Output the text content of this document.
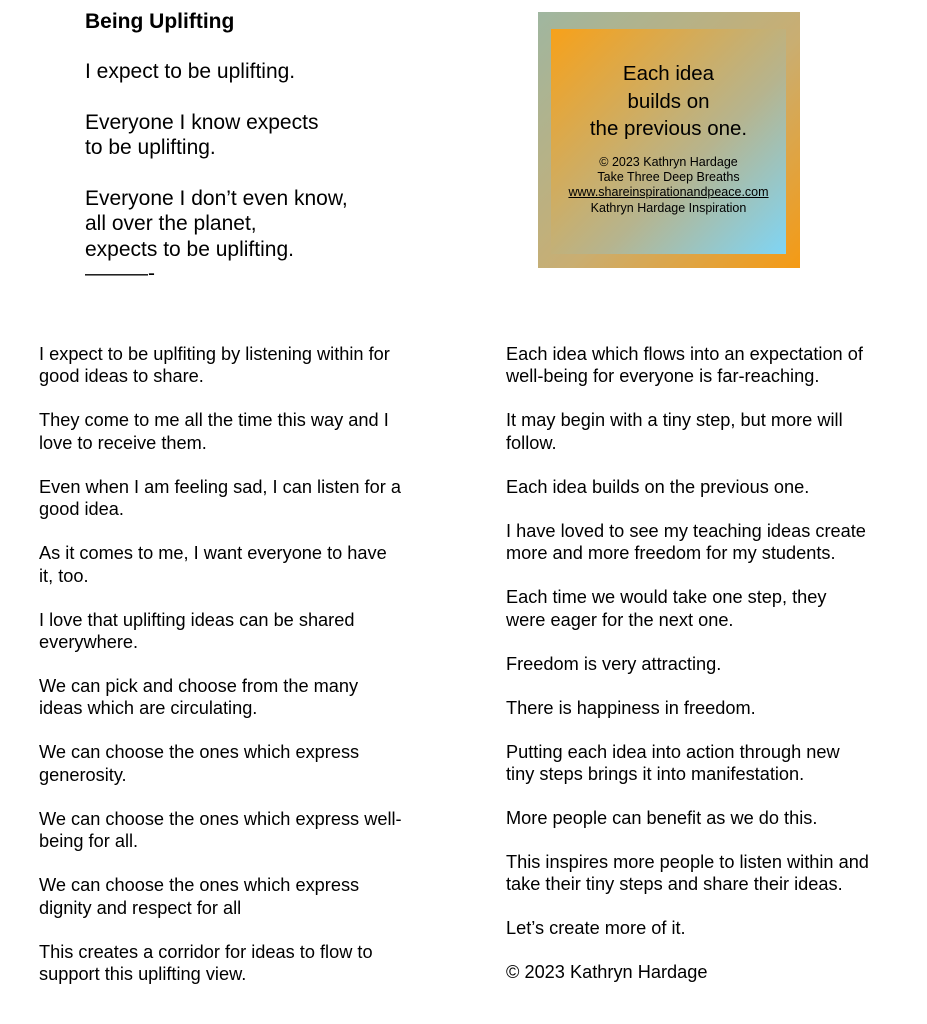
Being Uplifting
I expect to be uplifting.
Everyone I know expects
to be uplifting.
Everyone I don’t even know,
all over the planet,
expects to be uplifting.
———-
Each idea
builds on
the previous one.
© 2023 Kathryn Hardage
Take Three Deep Breaths
www.shareinspirationandpeace.com
Kathryn Hardage Inspiration
I expect to be uplfiting by listening within for
good ideas to share.
They come to me all the time this way and I
love to receive them.
Even when I am feeling sad, I can listen for a
good idea.
As it comes to me, I want everyone to have
it, too.
I love that uplifting ideas can be shared
everywhere.
We can pick and choose from the many
ideas which are circulating.
We can choose the ones which express
generosity.
We can choose the ones which express well-
being for all.
We can choose the ones which express
dignity and respect for all
This creates a corridor for ideas to flow to
support this uplifting view.
Each idea which flows into an expectation of
well-being for everyone is far-reaching.
It may begin with a tiny step, but more will
follow.
Each idea builds on the previous one.
I have loved to see my teaching ideas create
more and more freedom for my students.
Each time we would take one step, they
were eager for the next one.
Freedom is very attracting.
There is happiness in freedom.
Putting each idea into action through new
tiny steps brings it into manifestation.
More people can benefit as we do this.
This inspires more people to listen within and
take their tiny steps and share their ideas.
Let’s create more of it.
© 2023 Kathryn Hardage
